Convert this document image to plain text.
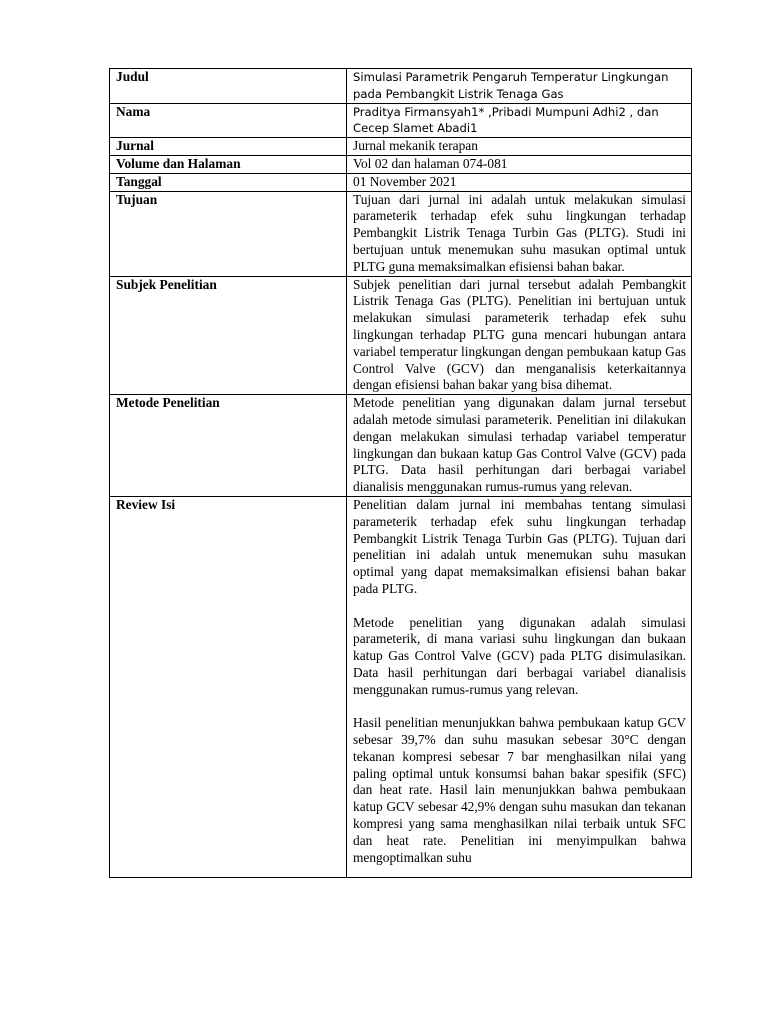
Judul	Simulasi Parametrik Pengaruh Temperatur Lingkungan pada Pembangkit Listrik Tenaga Gas
Nama	Praditya Firmansyah1* ,Pribadi Mumpuni Adhi2 , dan Cecep Slamet Abadi1
Jurnal	Jurnal mekanik terapan
Volume dan Halaman	Vol 02 dan halaman 074-081
Tanggal	01 November 2021
Tujuan	Tujuan dari jurnal ini adalah untuk melakukan simulasi parameterik terhadap efek suhu lingkungan terhadap Pembangkit Listrik Tenaga Turbin Gas (PLTG). Studi ini bertujuan untuk menemukan suhu masukan optimal untuk PLTG guna memaksimalkan efisiensi bahan bakar.
Subjek Penelitian	Subjek penelitian dari jurnal tersebut adalah Pembangkit Listrik Tenaga Gas (PLTG). Penelitian ini bertujuan untuk melakukan simulasi parameterik terhadap efek suhu lingkungan terhadap PLTG guna mencari hubungan antara variabel temperatur lingkungan dengan pembukaan katup Gas Control Valve (GCV) dan menganalisis keterkaitannya dengan efisiensi bahan bakar yang bisa dihemat.
Metode Penelitian	Metode penelitian yang digunakan dalam jurnal tersebut adalah metode simulasi parameterik. Penelitian ini dilakukan dengan melakukan simulasi terhadap variabel temperatur lingkungan dan bukaan katup Gas Control Valve (GCV) pada PLTG. Data hasil perhitungan dari berbagai variabel dianalisis menggunakan rumus-rumus yang relevan.
Review Isi	Penelitian dalam jurnal ini membahas tentang simulasi parameterik terhadap efek suhu lingkungan terhadap Pembangkit Listrik Tenaga Turbin Gas (PLTG). Tujuan dari penelitian ini adalah untuk menemukan suhu masukan optimal yang dapat memaksimalkan efisiensi bahan bakar pada PLTG.

Metode penelitian yang digunakan adalah simulasi parameterik, di mana variasi suhu lingkungan dan bukaan katup Gas Control Valve (GCV) pada PLTG disimulasikan. Data hasil perhitungan dari berbagai variabel dianalisis menggunakan rumus-rumus yang relevan.

Hasil penelitian menunjukkan bahwa pembukaan katup GCV sebesar 39,7% dan suhu masukan sebesar 30°C dengan tekanan kompresi sebesar 7 bar menghasilkan nilai yang paling optimal untuk konsumsi bahan bakar spesifik (SFC) dan heat rate. Hasil lain menunjukkan bahwa pembukaan katup GCV sebesar 42,9% dengan suhu masukan dan tekanan kompresi yang sama menghasilkan nilai terbaik untuk SFC dan heat rate. Penelitian ini menyimpulkan bahwa mengoptimalkan suhu
